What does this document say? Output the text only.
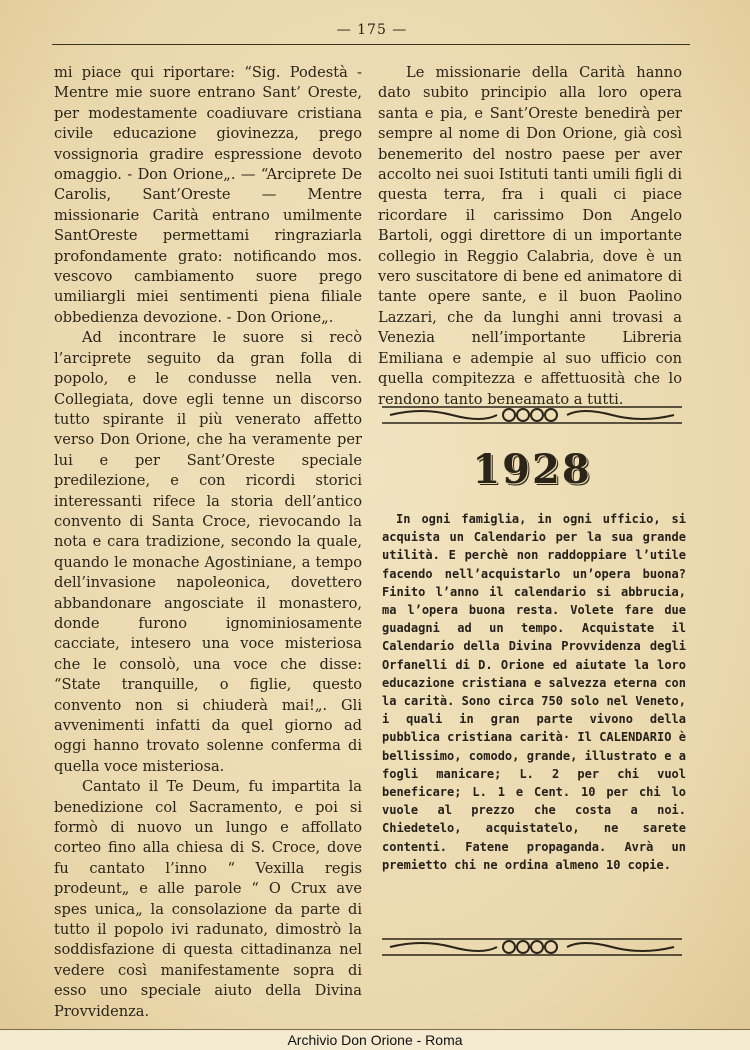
— 175 —

mi piace qui riportare: “Sig. Podestà - Mentre mie suore entrano Sant’ Oreste, per modestamente coadiuvare cristiana civile educazione giovinezza, prego vossignoria gradire espressione devoto omaggio. - Don Orione„. — “Arciprete De Carolis, Sant’Oreste — Mentre missionarie Carità entrano umilmente SantOreste permettami ringraziarla profondamente grato: notificando mos. vescovo cambiamento suore prego umiliargli miei sentimenti piena filiale obbedienza devozione. - Don Orione„.

Ad incontrare le suore si recò l’arciprete seguito da gran folla di popolo, e le condusse nella ven. Collegiata, dove egli tenne un discorso tutto spirante il più venerato affetto verso Don Orione, che ha veramente per lui e per Sant’Oreste speciale predilezione, e con ricordi storici interessanti rifece la storia dell’antico convento di Santa Croce, rievocando la nota e cara tradizione, secondo la quale, quando le monache Agostiniane, a tempo dell’invasione napoleonica, dovettero abbandonare angosciate il monastero, donde furono ignominiosamente cacciate, intesero una voce misteriosa che le consolò, una voce che disse: “State tranquille, o figlie, questo convento non si chiuderà mai!„. Gli avvenimenti infatti da quel giorno ad oggi hanno trovato solenne conferma di quella voce misteriosa.

Cantato il Te Deum, fu impartita la benedizione col Sacramento, e poi si formò di nuovo un lungo e affollato corteo fino alla chiesa di S. Croce, dove fu cantato l’inno “ Vexilla regis prodeunt„ e alle parole “ O Crux ave spes unica„ la consolazione da parte di tutto il popolo ivi radunato, dimostrò la soddisfazione di questa cittadinanza nel vedere così manifestamente sopra di esso uno speciale aiuto della Divina Provvidenza.

Le missionarie della Carità hanno dato subito principio alla loro opera santa e pia, e Sant’Oreste benedirà per sempre al nome di Don Orione, già così benemerito del nostro paese per aver accolto nei suoi Istituti tanti umili figli di questa terra, fra i quali ci piace ricordare il carissimo Don Angelo Bartoli, oggi direttore di un importante collegio in Reggio Calabria, dove è un vero suscitatore di bene ed animatore di tante opere sante, e il buon Paolino Lazzari, che da lunghi anni trovasi a Venezia nell’importante Libreria Emiliana e adempie al suo ufficio con quella compitezza e affettuosità che lo rendono tanto beneamato a tutti.

1928

In ogni famiglia, in ogni ufficio, si acquista un Calendario per la sua grande utilità. E perchè non raddoppiare l’utile facendo nell’acquistarlo un’opera buona? Finito l’anno il calendario si abbrucia, ma l’opera buona resta. Volete fare due guadagni ad un tempo. Acquistate il Calendario della Divina Provvidenza degli Orfanelli di D. Orione ed aiutate la loro educazione cristiana e salvezza eterna con la carità. Sono circa 750 solo nel Veneto, i quali in gran parte vivono della pubblica cristiana carità· Il CALENDARIO è bellissimo, comodo, grande, illustrato e a fogli manicare; L. 2 per chi vuol beneficare; L. 1 e Cent. 10 per chi lo vuole al prezzo che costa a noi. Chiedetelo, acquistatelo, ne sarete contenti. Fatene propaganda. Avrà un premietto chi ne ordina almeno 10 copie.

Archivio Don Orione - Roma
